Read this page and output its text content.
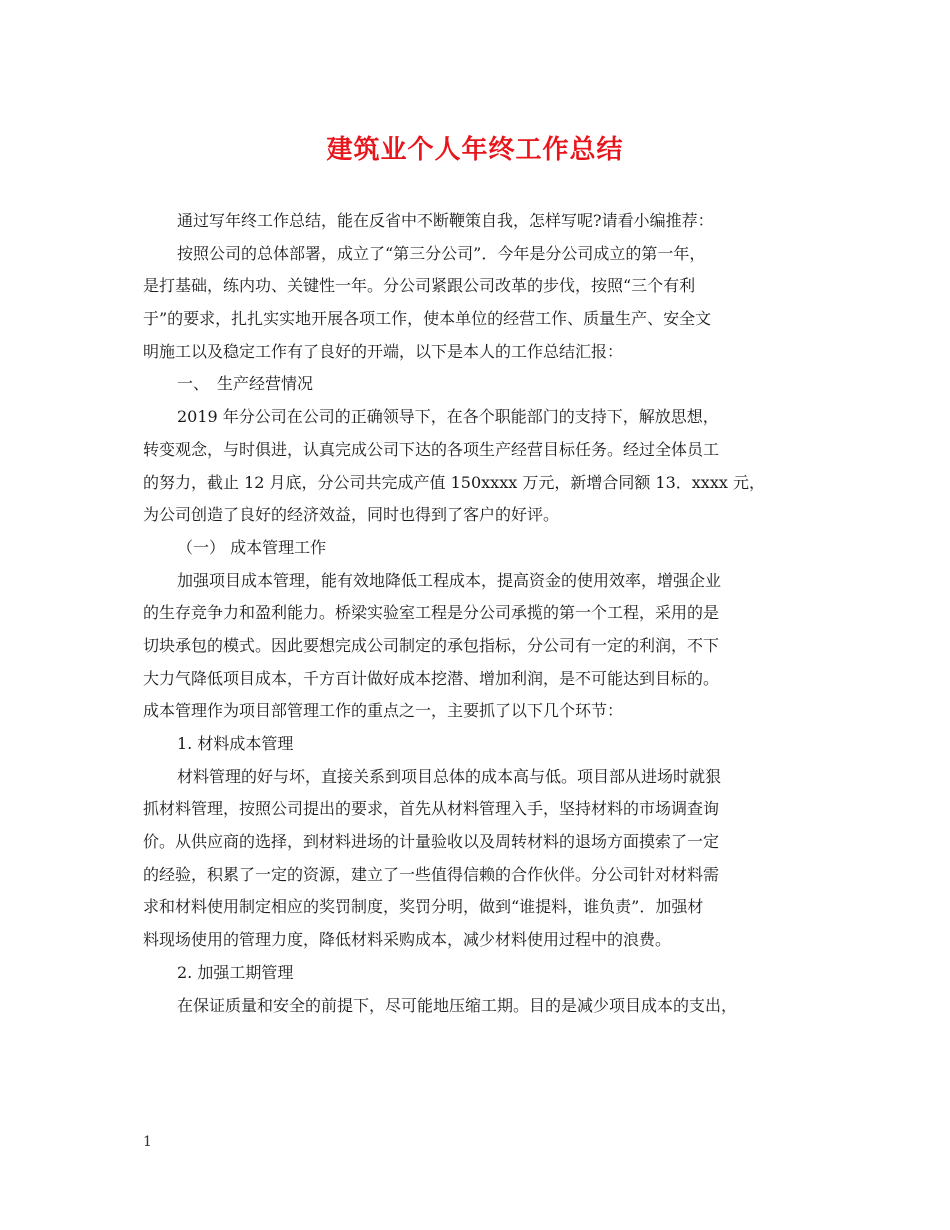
建筑业个人年终工作总结
通过写年终工作总结，能在反省中不断鞭策自我，怎样写呢?请看小编推荐：
按照公司的总体部署，成立了“第三分公司”．今年是分公司成立的第一年，
是打基础，练内功、关键性一年。分公司紧跟公司改革的步伐，按照“三个有利
于”的要求，扎扎实实地开展各项工作，使本单位的经营工作、质量生产、安全文
明施工以及稳定工作有了良好的开端，以下是本人的工作总结汇报：
一、　生产经营情况
2019 年分公司在公司的正确领导下，在各个职能部门的支持下，解放思想，
转变观念，与时俱进，认真完成公司下达的各项生产经营目标任务。经过全体员工
的努力，截止 12 月底，分公司共完成产值 150xxxx 万元，新增合同额 13．xxxx 元，
为公司创造了良好的经济效益，同时也得到了客户的好评。
（一） 成本管理工作
加强项目成本管理，能有效地降低工程成本，提高资金的使用效率，增强企业
的生存竞争力和盈利能力。桥梁实验室工程是分公司承揽的第一个工程，采用的是
切块承包的模式。因此要想完成公司制定的承包指标，分公司有一定的利润，不下
大力气降低项目成本，千方百计做好成本挖潜、增加利润，是不可能达到目标的。
成本管理作为项目部管理工作的重点之一，主要抓了以下几个环节：
1. 材料成本管理
材料管理的好与坏，直接关系到项目总体的成本高与低。项目部从进场时就狠
抓材料管理，按照公司提出的要求，首先从材料管理入手，坚持材料的市场调查询
价。从供应商的选择，到材料进场的计量验收以及周转材料的退场方面摸索了一定
的经验，积累了一定的资源，建立了一些值得信赖的合作伙伴。分公司针对材料需
求和材料使用制定相应的奖罚制度，奖罚分明，做到“谁提料，谁负责”．加强材
料现场使用的管理力度，降低材料采购成本，减少材料使用过程中的浪费。
2. 加强工期管理
在保证质量和安全的前提下，尽可能地压缩工期。目的是减少项目成本的支出，
1
